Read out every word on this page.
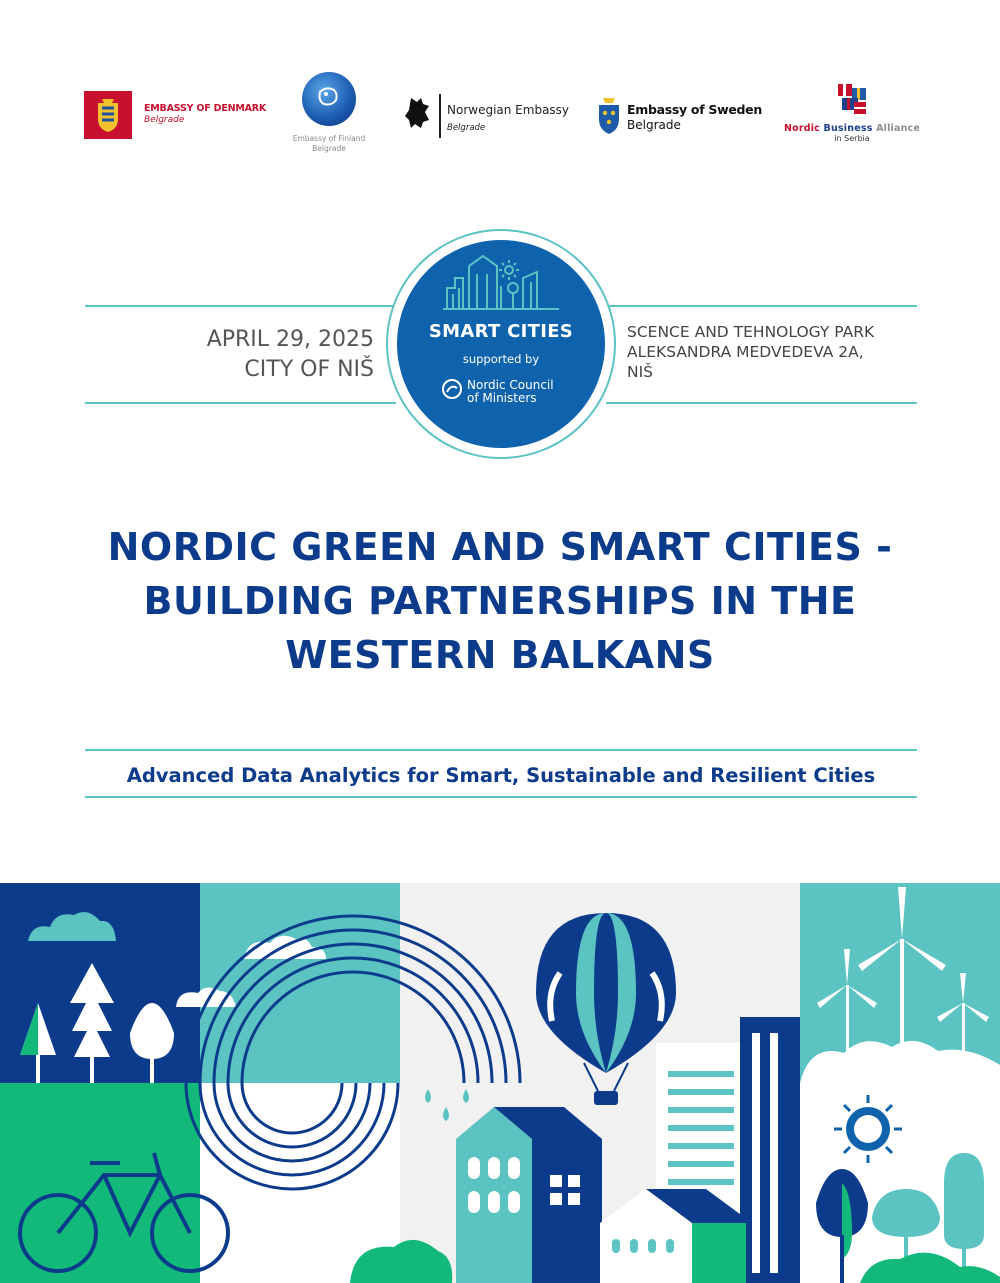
EMBASSY OF DENMARK
Belgrade
Embassy of Finland
Belgrade
Norwegian Embassy
Belgrade
Embassy of Sweden
Belgrade	Nordic Business Alliance
in Serbia
APRIL 29, 2025
CITY OF NIŠ
SCENCE AND TEHNOLOGY PARK
ALEKSANDRA MEDVEDEVA 2A,
NIŠ
SMART CITIES
supported by
Nordic Council
of Ministers
NORDIC GREEN AND SMART CITIES -
BUILDING PARTNERSHIPS IN THE
WESTERN BALKANS
Advanced Data Analytics for Smart, Sustainable and Resilient Cities
